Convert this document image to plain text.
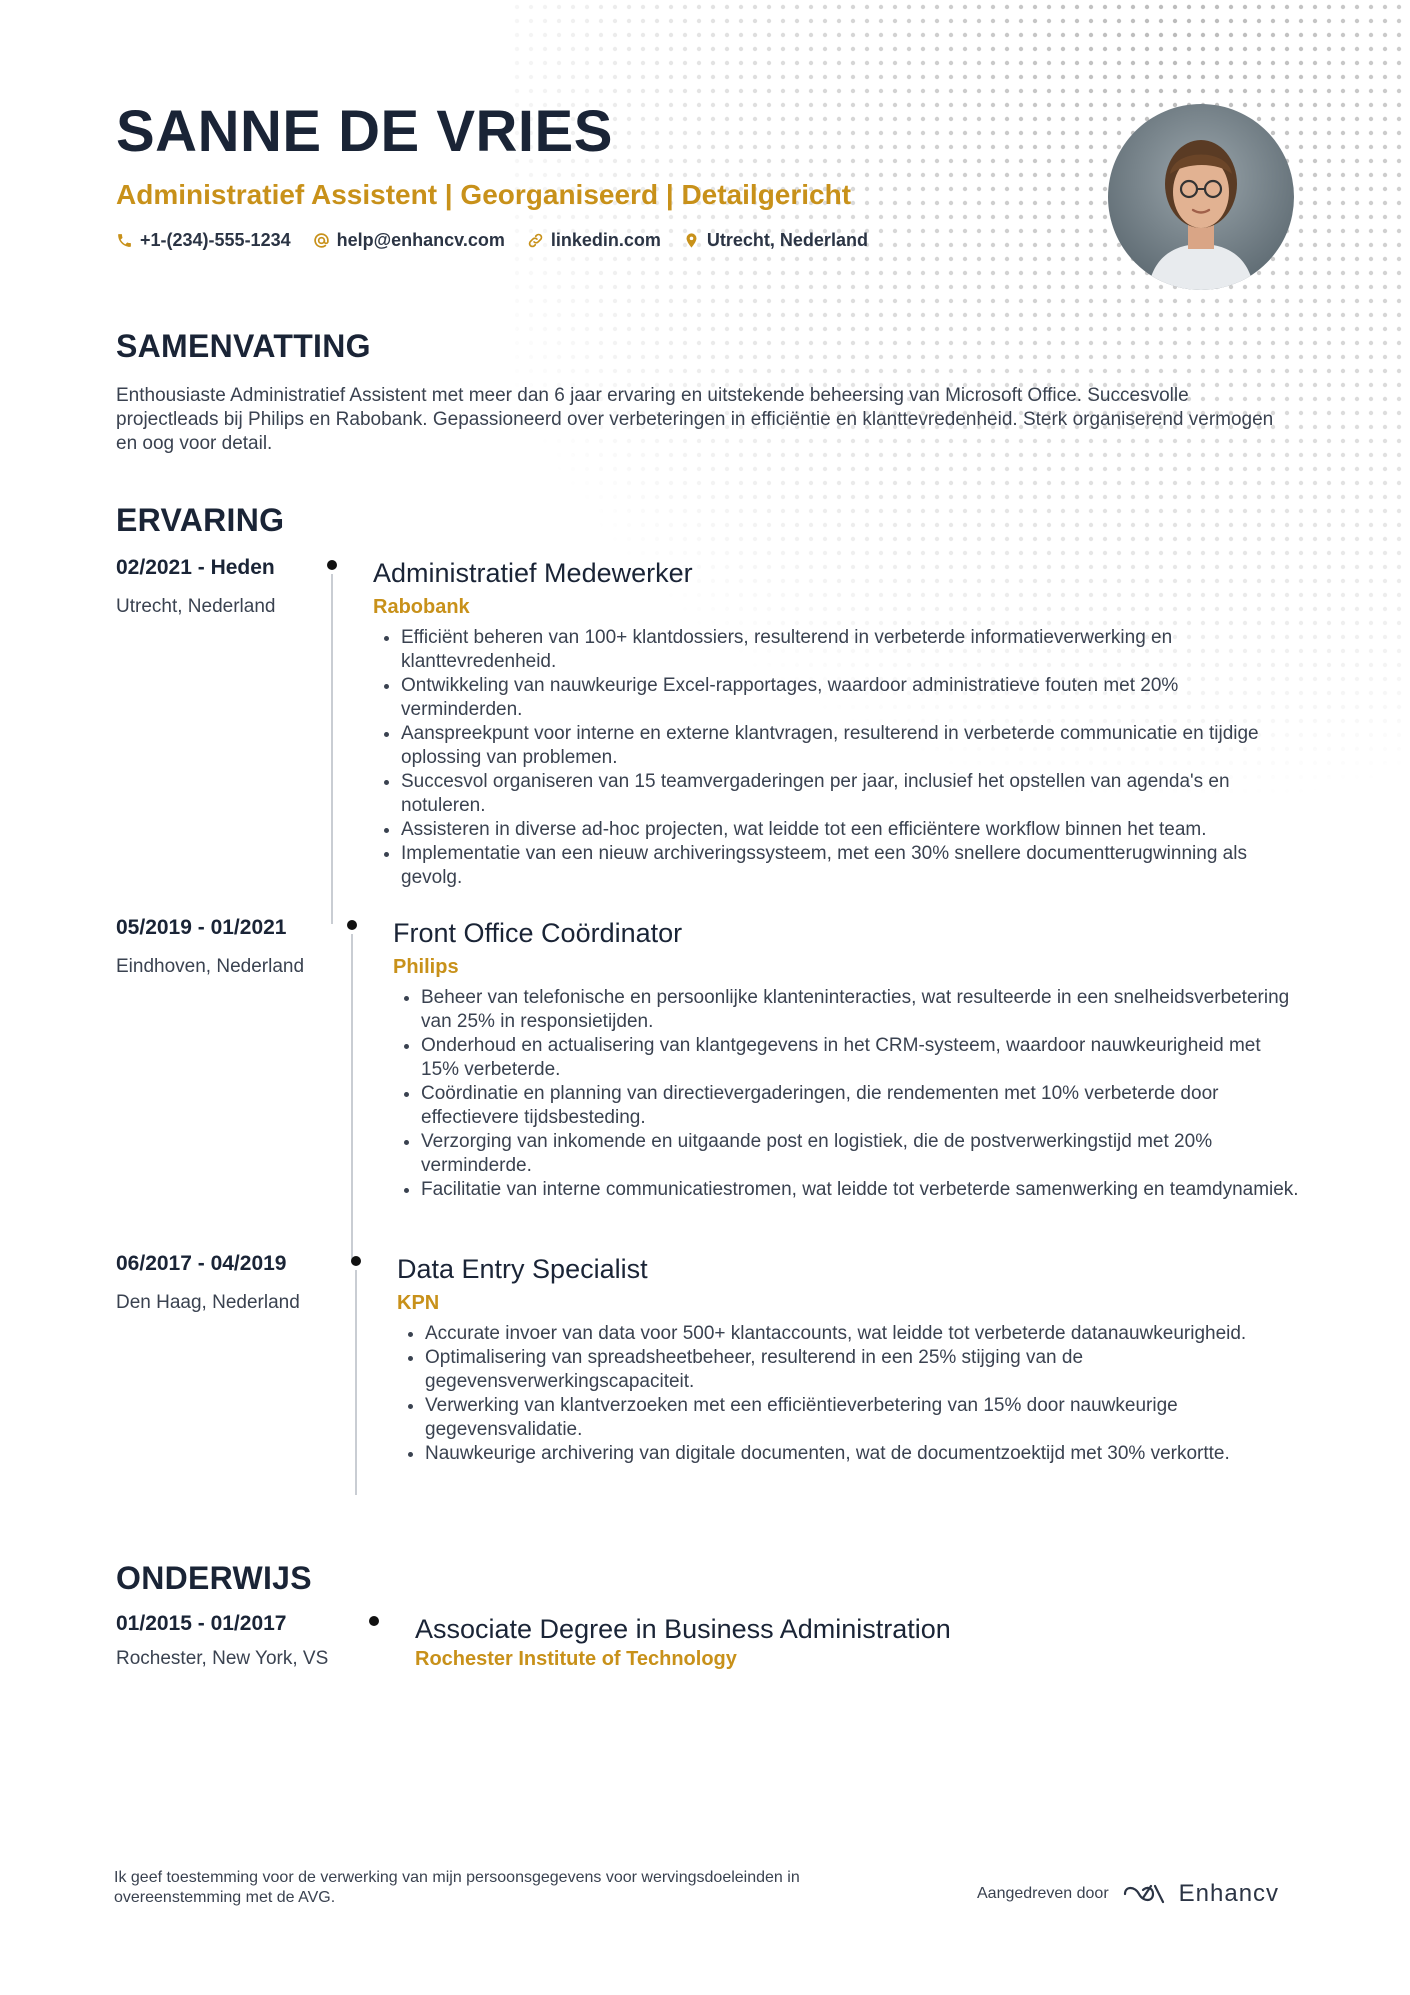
SANNE DE VRIES
Administratief Assistent | Georganiseerd | Detailgericht
+1-(234)-555-1234	help@enhancv.com	linkedin.com	Utrecht, Nederland
SAMENVATTING
Enthousiaste Administratief Assistent met meer dan 6 jaar ervaring en uitstekende beheersing van Microsoft Office. Succesvolle projectleads bij Philips en Rabobank. Gepassioneerd over verbeteringen in efficiëntie en klanttevredenheid. Sterk organiserend vermogen en oog voor detail.
ERVARING
02/2021 - Heden
Utrecht, Nederland
Administratief Medewerker
Rabobank
• Efficiënt beheren van 100+ klantdossiers, resulterend in verbeterde informatieverwerking en klanttevredenheid.
• Ontwikkeling van nauwkeurige Excel-rapportages, waardoor administratieve fouten met 20% verminderden.
• Aanspreekpunt voor interne en externe klantvragen, resulterend in verbeterde communicatie en tijdige oplossing van problemen.
• Succesvol organiseren van 15 teamvergaderingen per jaar, inclusief het opstellen van agenda's en notuleren.
• Assisteren in diverse ad-hoc projecten, wat leidde tot een efficiëntere workflow binnen het team.
• Implementatie van een nieuw archiveringssysteem, met een 30% snellere documentterugwinning als gevolg.
05/2019 - 01/2021
Eindhoven, Nederland
Front Office Coördinator
Philips
• Beheer van telefonische en persoonlijke klanteninteracties, wat resulteerde in een snelheidsverbetering van 25% in responsietijden.
• Onderhoud en actualisering van klantgegevens in het CRM-systeem, waardoor nauwkeurigheid met 15% verbeterde.
• Coördinatie en planning van directievergaderingen, die rendementen met 10% verbeterde door effectievere tijdsbesteding.
• Verzorging van inkomende en uitgaande post en logistiek, die de postverwerkingstijd met 20% verminderde.
• Facilitatie van interne communicatiestromen, wat leidde tot verbeterde samenwerking en teamdynamiek.
06/2017 - 04/2019
Den Haag, Nederland
Data Entry Specialist
KPN
• Accurate invoer van data voor 500+ klantaccounts, wat leidde tot verbeterde datanauwkeurigheid.
• Optimalisering van spreadsheetbeheer, resulterend in een 25% stijging van de gegevensverwerkingscapaciteit.
• Verwerking van klantverzoeken met een efficiëntieverbetering van 15% door nauwkeurige gegevensvalidatie.
• Nauwkeurige archivering van digitale documenten, wat de documentzoektijd met 30% verkortte.
ONDERWIJS
01/2015 - 01/2017
Rochester, New York, VS
Associate Degree in Business Administration
Rochester Institute of Technology
Ik geef toestemming voor de verwerking van mijn persoonsgegevens voor wervingsdoeleinden in overeenstemming met de AVG.	Aangedreven door	Enhancv
